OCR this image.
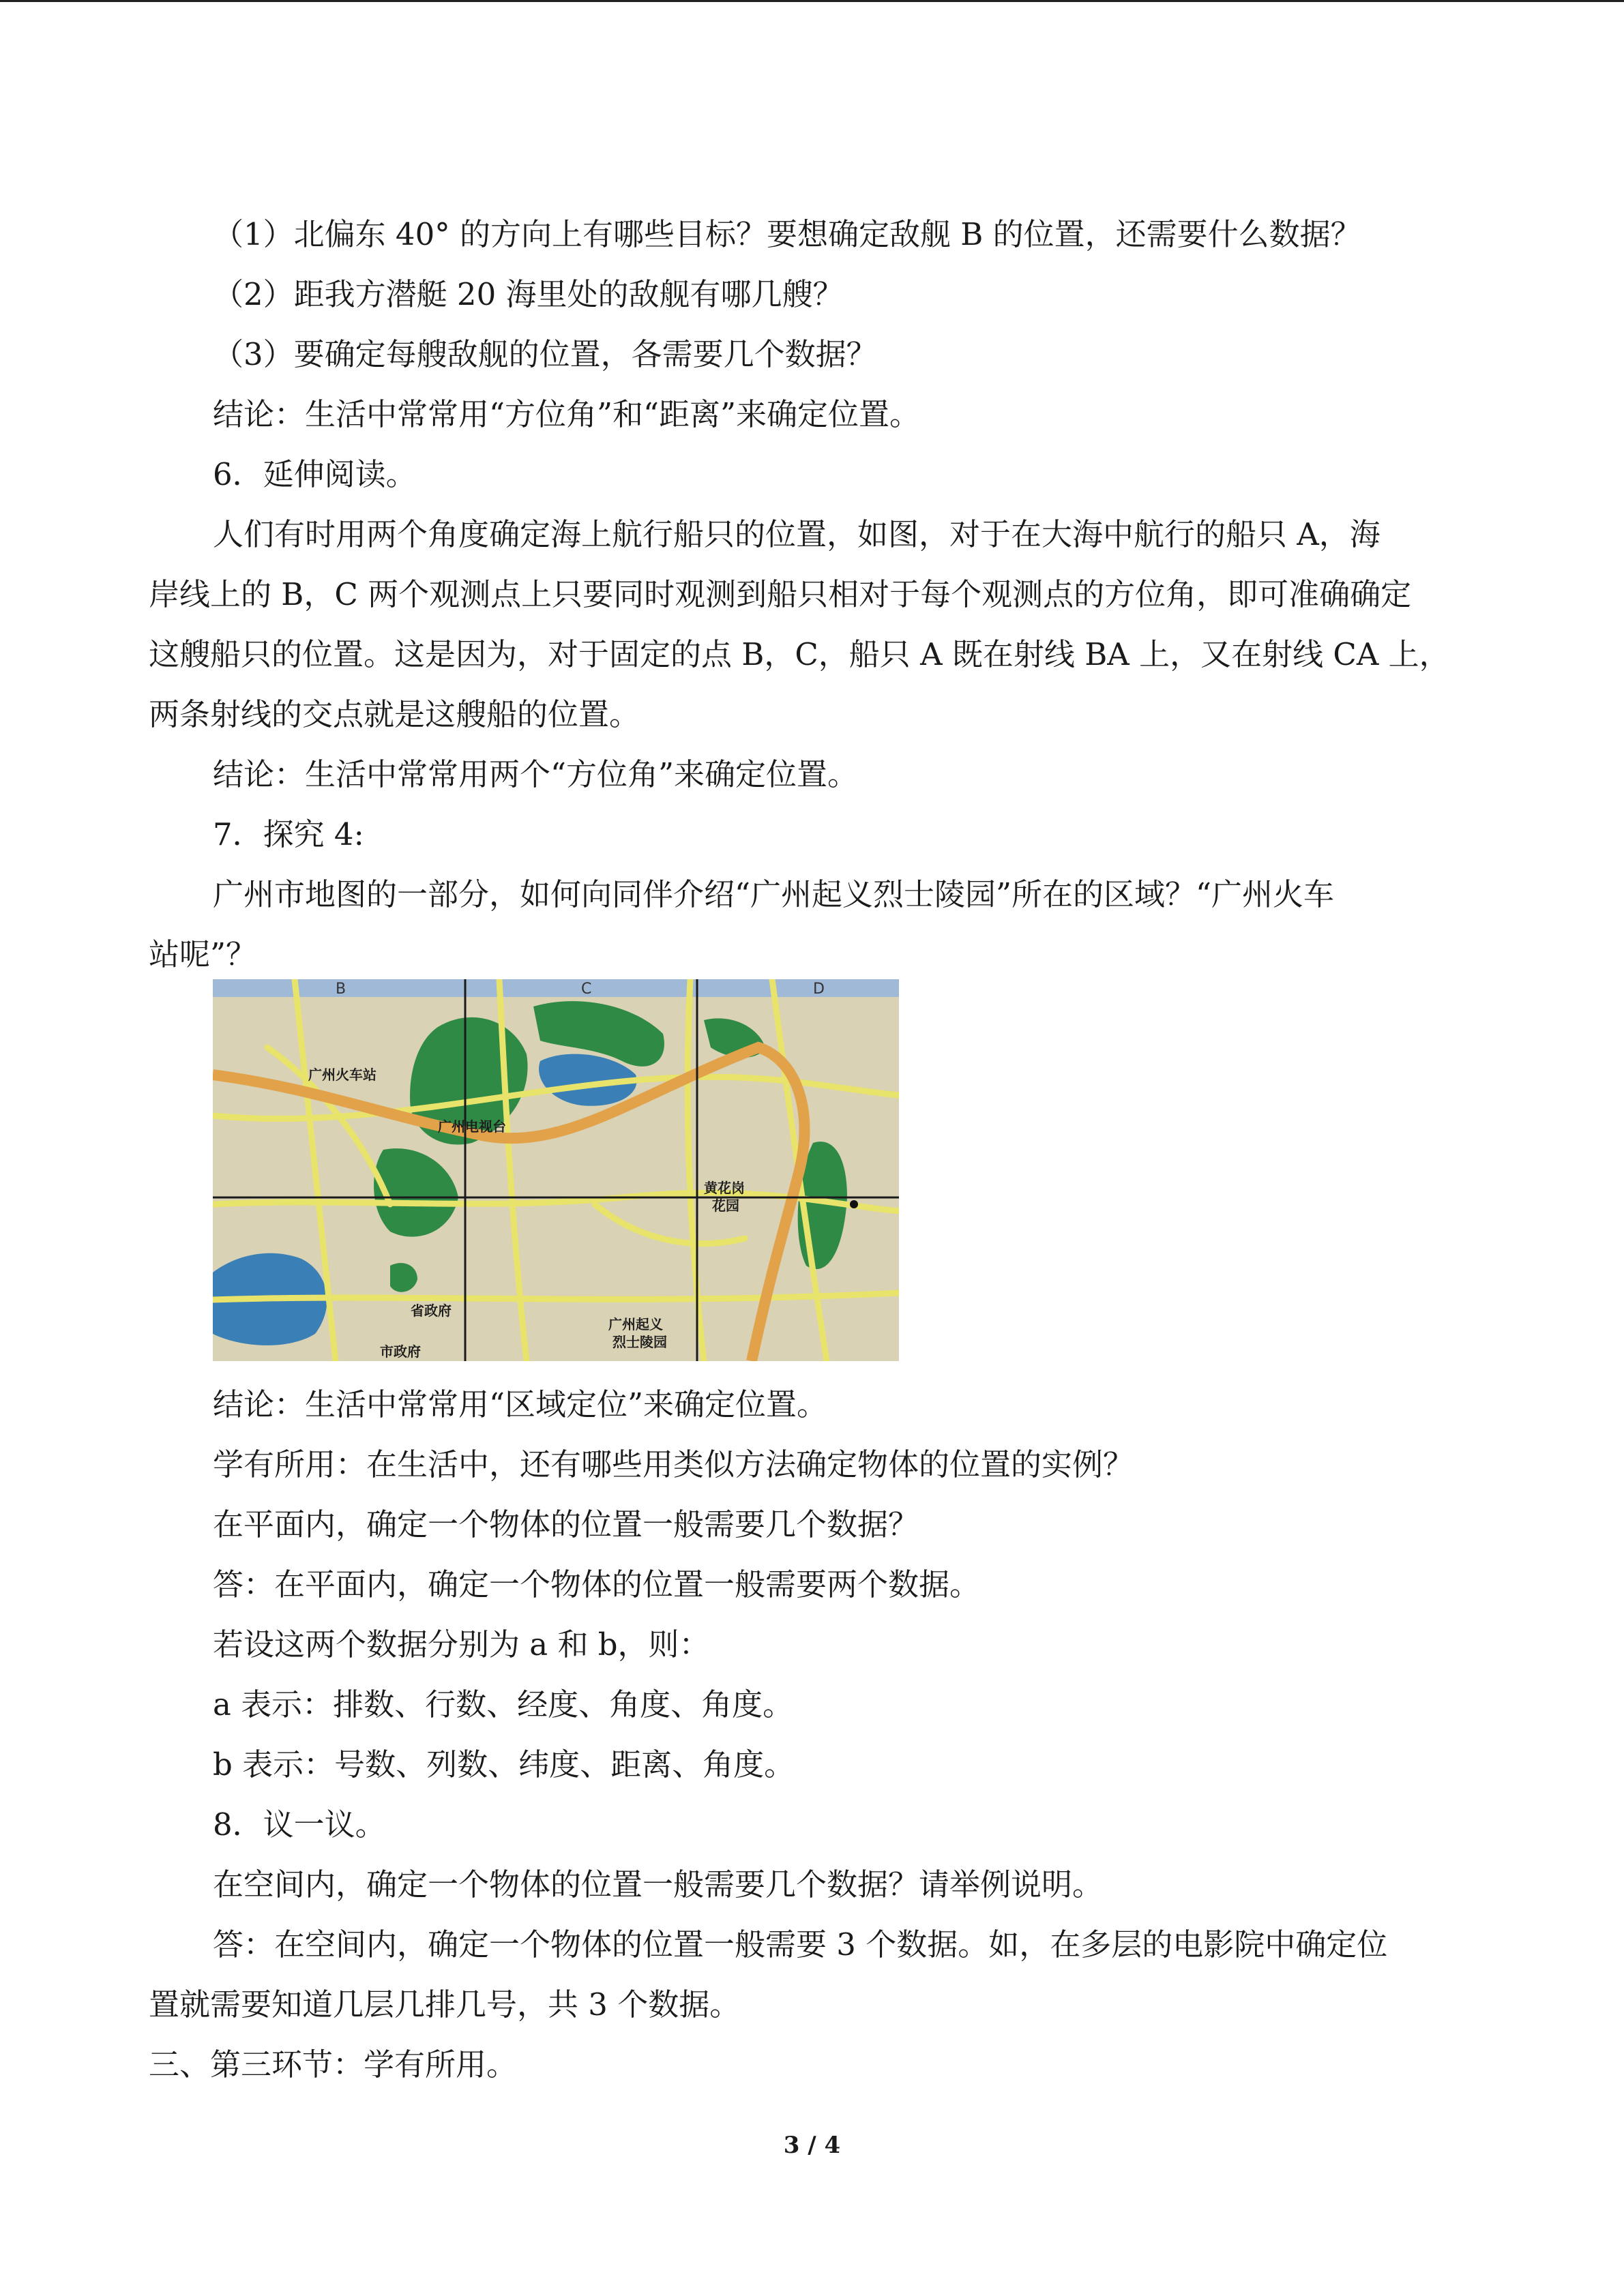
（1）北偏东 40° 的方向上有哪些目标？要想确定敌舰 B 的位置，还需要什么数据？
（2）距我方潜艇 20 海里处的敌舰有哪几艘？
（3）要确定每艘敌舰的位置，各需要几个数据？
结论：生活中常常用“方位角”和“距离”来确定位置。
6．延伸阅读。
人们有时用两个角度确定海上航行船只的位置，如图，对于在大海中航行的船只 A，海
岸线上的 B，C 两个观测点上只要同时观测到船只相对于每个观测点的方位角，即可准确确定
这艘船只的位置。这是因为，对于固定的点 B，C，船只 A 既在射线 BA 上，又在射线 CA 上，
两条射线的交点就是这艘船的位置。
结论：生活中常常用两个“方位角”来确定位置。
7．探究 4:
广州市地图的一部分，如何向同伴介绍“广州起义烈士陵园”所在的区域？“广州火车
站呢”？
结论：生活中常常用“区域定位”来确定位置。
学有所用：在生活中，还有哪些用类似方法确定物体的位置的实例？
在平面内，确定一个物体的位置一般需要几个数据？
答：在平面内，确定一个物体的位置一般需要两个数据。
若设这两个数据分别为 a 和 b，则：
a 表示：排数、行数、经度、角度、角度。
b 表示：号数、列数、纬度、距离、角度。
8．议一议。
在空间内，确定一个物体的位置一般需要几个数据？请举例说明。
答：在空间内，确定一个物体的位置一般需要 3 个数据。如，在多层的电影院中确定位
置就需要知道几层几排几号，共 3 个数据。
三、第三环节：学有所用。
B	C	D
广州火车站
广州电视台
黄花岗
花园
省政府
市政府
广州起义
烈士陵园
3 / 4
